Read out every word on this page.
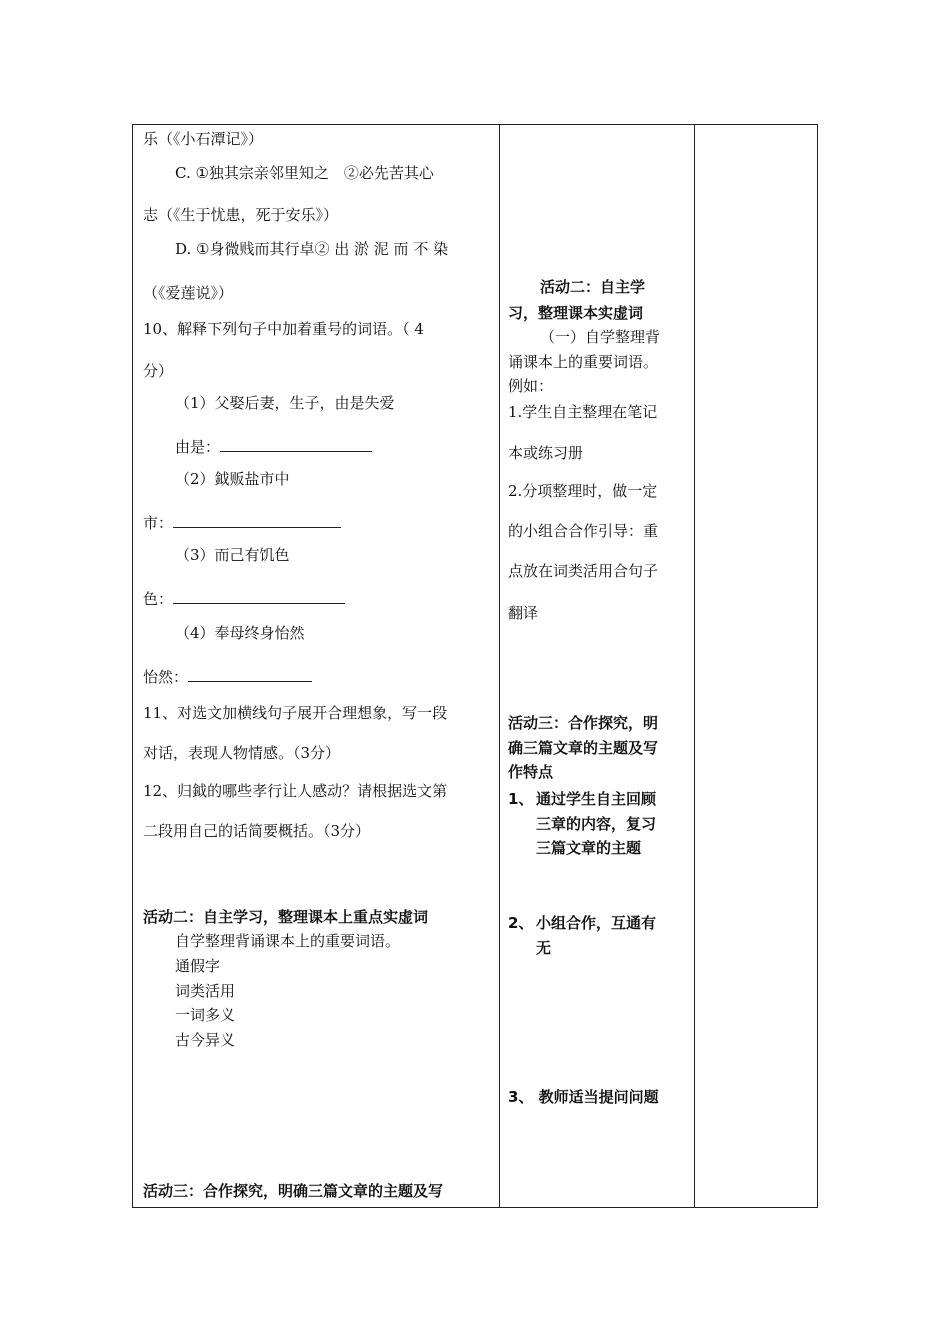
乐（《小石潭记》）
C. ①独其宗亲邻里知之　②必先苦其心
志（《生于忧患，死于安乐》）
D. ①身微贱而其行卓② 出 淤 泥 而 不 染
（《爱莲说》）
10、解释下列句子中加着重号的词语。（ 4
分）
（1）父娶后妻，生子，由是失爱
由是：
（2）鉞贩盐市中
市：
（3）而己有饥色
色：
（4）奉母终身怡然
怡然：
11、对选文加横线句子展开合理想象，写一段
对话，表现人物情感。（3分）
12、归鉞的哪些孝行让人感动？请根据选文第
二段用自己的话简要概括。（3分）
活动二：自主学习，整理课本上重点实虚词
自学整理背诵课本上的重要词语。
通假字
词类活用
一词多义
古今异义
活动三：合作探究，明确三篇文章的主题及写
活动二：自主学
习，整理课本实虚词
（一）自学整理背
诵课本上的重要词语。
例如：
1.学生自主整理在笔记
本或练习册
2.分项整理时，做一定
的小组合合作引导：重
点放在词类活用合句子
翻译
活动三：合作探究，明
确三篇文章的主题及写
作特点
1、 通过学生自主回顾
三章的内容，复习
三篇文章的主题
2、 小组合作，互通有
无
3、 教师适当提问问题
